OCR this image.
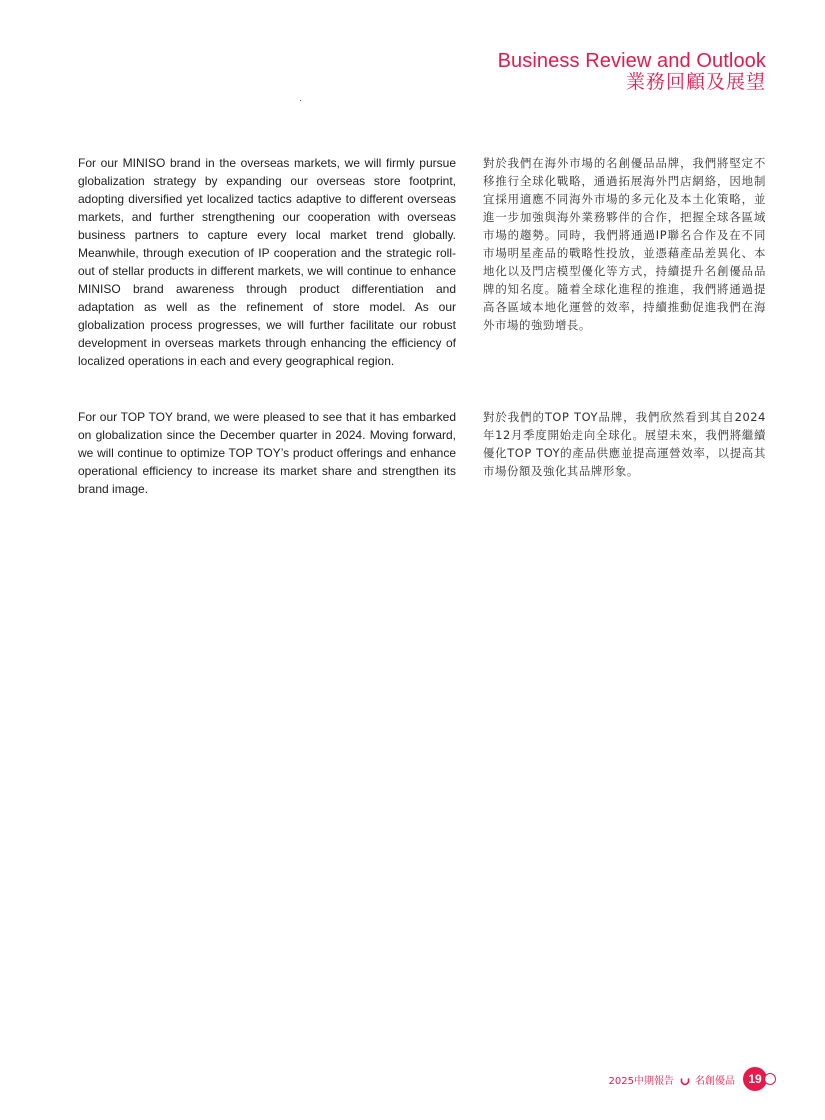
Business Review and Outlook
業務回顧及展望

For our MINISO brand in the overseas markets, we will firmly pursue globalization strategy by expanding our overseas store footprint, adopting diversified yet localized tactics adaptive to different overseas markets, and further strengthening our cooperation with overseas business partners to capture every local market trend globally. Meanwhile, through execution of IP cooperation and the strategic roll-out of stellar products in different markets, we will continue to enhance MINISO brand awareness through product differentiation and adaptation as well as the refinement of store model. As our globalization process progresses, we will further facilitate our robust development in overseas markets through enhancing the efficiency of localized operations in each and every geographical region.

對於我們在海外市場的名創優品品牌，我們將堅定不移推行全球化戰略，通過拓展海外門店網絡，因地制宜採用適應不同海外市場的多元化及本土化策略，並進一步加強與海外業務夥伴的合作，把握全球各區域市場的趨勢。同時，我們將通過IP聯名合作及在不同市場明星產品的戰略性投放，並憑藉產品差異化、本地化以及門店模型優化等方式，持續提升名創優品品牌的知名度。隨着全球化進程的推進，我們將通過提高各區域本地化運營的效率，持續推動促進我們在海外市場的強勁增長。

For our TOP TOY brand, we were pleased to see that it has embarked on globalization since the December quarter in 2024. Moving forward, we will continue to optimize TOP TOY’s product offerings and enhance operational efficiency to increase its market share and strengthen its brand image.

對於我們的TOP TOY品牌，我們欣然看到其自2024年12月季度開始走向全球化。展望未來，我們將繼續優化TOP TOY的產品供應並提高運營效率，以提高其市場份額及強化其品牌形象。

2025中期報告 名創優品	19
